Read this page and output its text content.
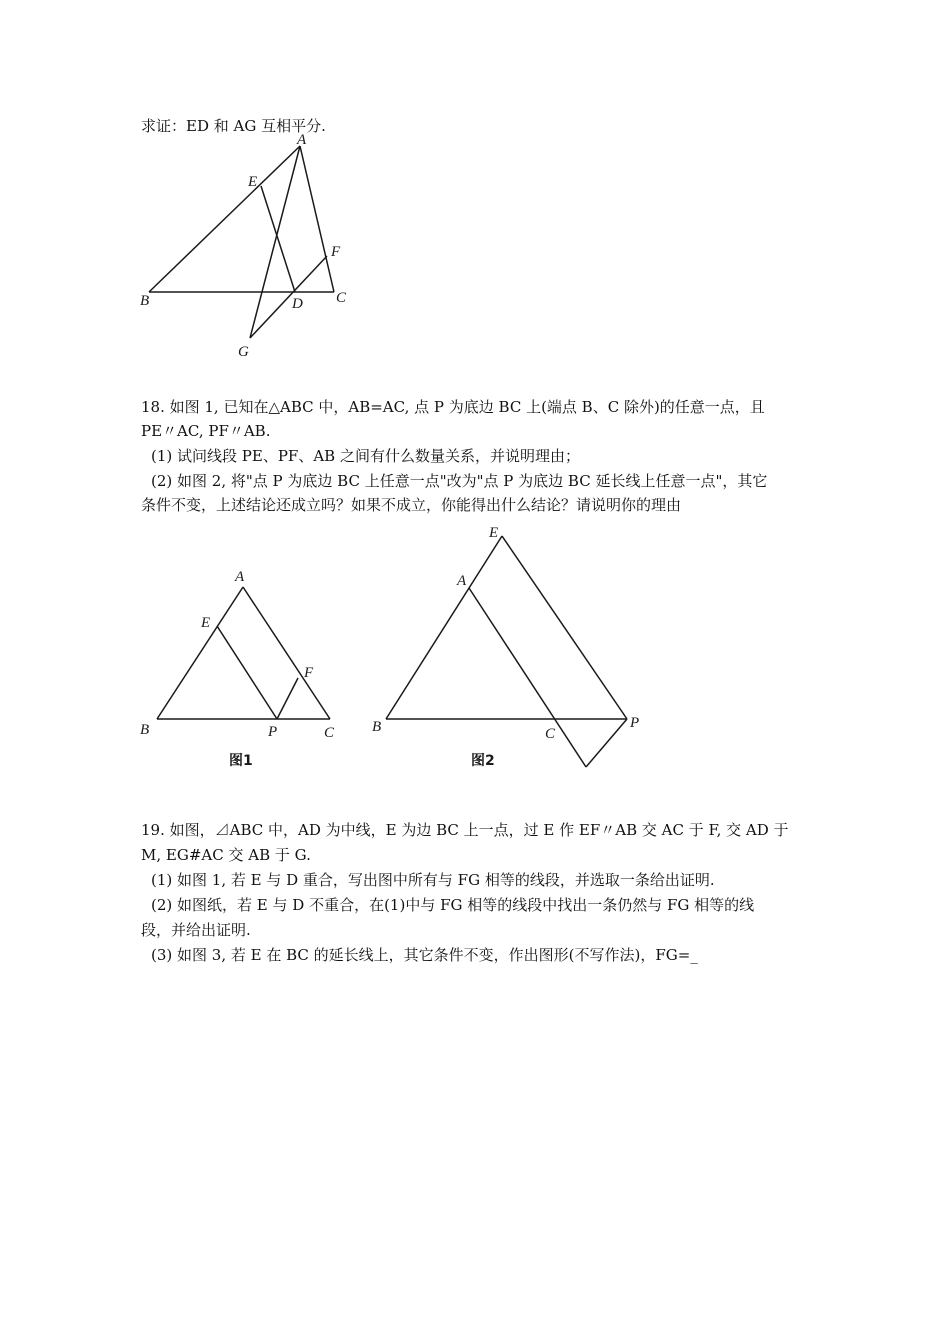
求证：ED 和 AG 互相平分.
A
E
F
B	D C
G
18. 如图 1, 已知在△ABC 中，AB=AC, 点 P 为底边 BC 上(端点 B、C 除外)的任意一点，且
PE〃AC, PF〃AB.
(1) 试问线段 PE、PF、AB 之间有什么数量关系，并说明理由；
(2) 如图 2, 将"点 P 为底边 BC 上任意一点"改为"点 P 为底边 BC 延长线上任意一点"，其它
条件不变，上述结论还成立吗？如果不成立，你能得出什么结论？请说明你的理由
A
E
F
B	P	C
图1
E
A
B	C
P
图2
19. 如图，⊿ABC 中，AD 为中线，E 为边 BC 上一点，过 E 作 EF〃AB 交 AC 于 F, 交 AD 于
M, EG#AC 交 AB 于 G.
(1) 如图 1, 若 E 与 D 重合，写出图中所有与 FG 相等的线段，并选取一条给出证明.
(2) 如图纸，若 E 与 D 不重合，在(1)中与 FG 相等的线段中找出一条仍然与 FG 相等的线
段，并给出证明.
(3) 如图 3, 若 E 在 BC 的延长线上，其它条件不变，作出图形(不写作法)，FG=_
